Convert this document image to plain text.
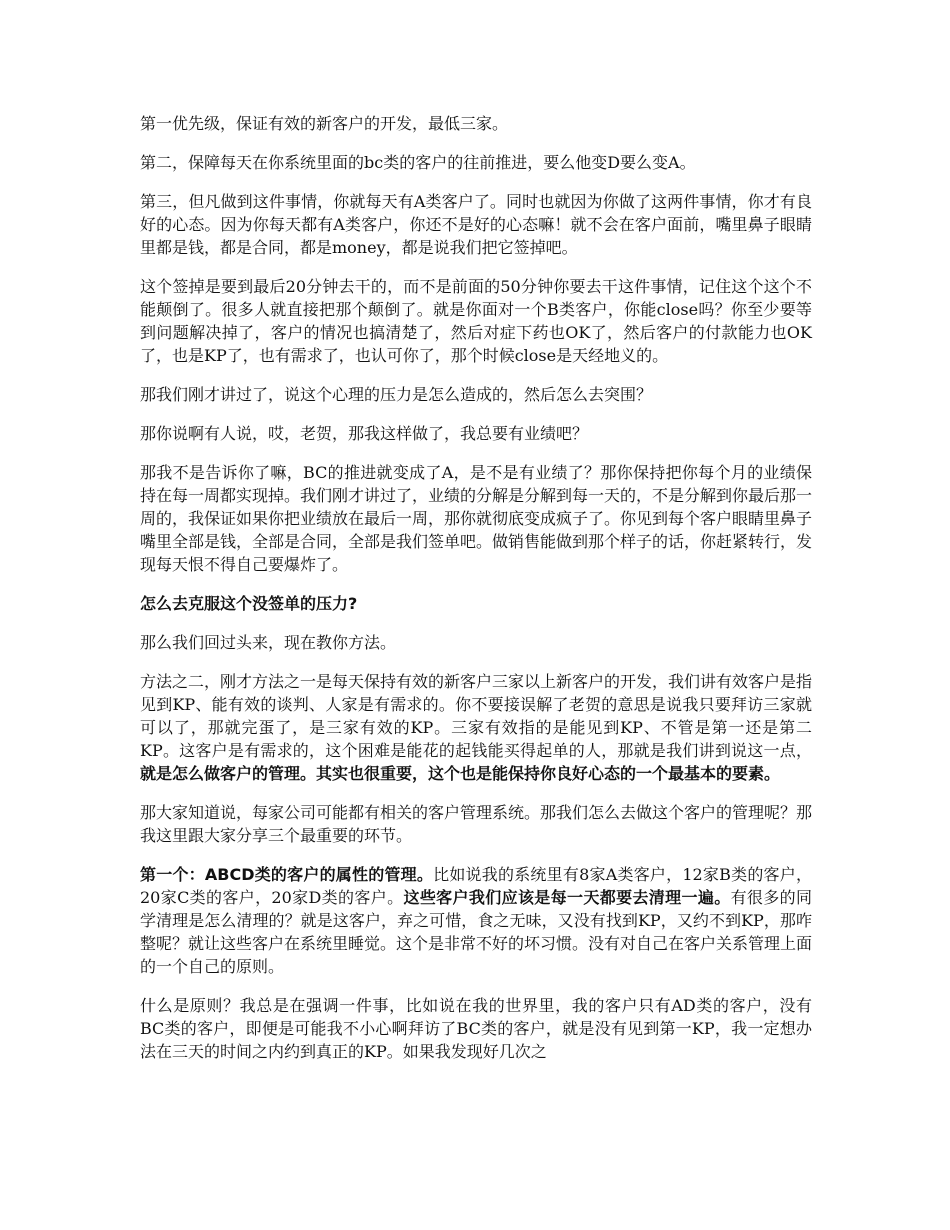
第一优先级，保证有效的新客户的开发，最低三家。

第二，保障每天在你系统里面的bc类的客户的往前推进，要么他变D要么变A。

第三，但凡做到这件事情，你就每天有A类客户了。同时也就因为你做了这两件事情，你才有良好的心态。因为你每天都有A类客户，你还不是好的心态嘛！就不会在客户面前，嘴里鼻子眼睛里都是钱，都是合同，都是money，都是说我们把它签掉吧。

这个签掉是要到最后20分钟去干的，而不是前面的50分钟你要去干这件事情，记住这个这个不能颠倒了。很多人就直接把那个颠倒了。就是你面对一个B类客户，你能close吗？你至少要等到问题解决掉了，客户的情况也搞清楚了，然后对症下药也OK了，然后客户的付款能力也OK了，也是KP了，也有需求了，也认可你了，那个时候close是天经地义的。

那我们刚才讲过了，说这个心理的压力是怎么造成的，然后怎么去突围？

那你说啊有人说，哎，老贺，那我这样做了，我总要有业绩吧？

那我不是告诉你了嘛，BC的推进就变成了A，是不是有业绩了？那你保持把你每个月的业绩保持在每一周都实现掉。我们刚才讲过了，业绩的分解是分解到每一天的，不是分解到你最后那一周的，我保证如果你把业绩放在最后一周，那你就彻底变成疯子了。你见到每个客户眼睛里鼻子嘴里全部是钱，全部是合同，全部是我们签单吧。做销售能做到那个样子的话，你赶紧转行，发现每天恨不得自己要爆炸了。

怎么去克服这个没签单的压力?

那么我们回过头来，现在教你方法。

方法之二，刚才方法之一是每天保持有效的新客户三家以上新客户的开发，我们讲有效客户是指见到KP、能有效的谈判、人家是有需求的。你不要接误解了老贺的意思是说我只要拜访三家就可以了，那就完蛋了，是三家有效的KP。三家有效指的是能见到KP、不管是第一还是第二KP。这客户是有需求的，这个困难是能花的起钱能买得起单的人，那就是我们讲到说这一点，就是怎么做客户的管理。其实也很重要，这个也是能保持你良好心态的一个最基本的要素。

那大家知道说，每家公司可能都有相关的客户管理系统。那我们怎么去做这个客户的管理呢？那我这里跟大家分享三个最重要的环节。

第一个：ABCD类的客户的属性的管理。比如说我的系统里有8家A类客户，12家B类的客户，20家C类的客户，20家D类的客户。这些客户我们应该是每一天都要去清理一遍。有很多的同学清理是怎么清理的？就是这客户，弃之可惜，食之无味，又没有找到KP，又约不到KP，那咋整呢？就让这些客户在系统里睡觉。这个是非常不好的坏习惯。没有对自己在客户关系管理上面的一个自己的原则。

什么是原则？我总是在强调一件事，比如说在我的世界里，我的客户只有AD类的客户，没有BC类的客户，即便是可能我不小心啊拜访了BC类的客户，就是没有见到第一KP，我一定想办法在三天的时间之内约到真正的KP。如果我发现好几次之
